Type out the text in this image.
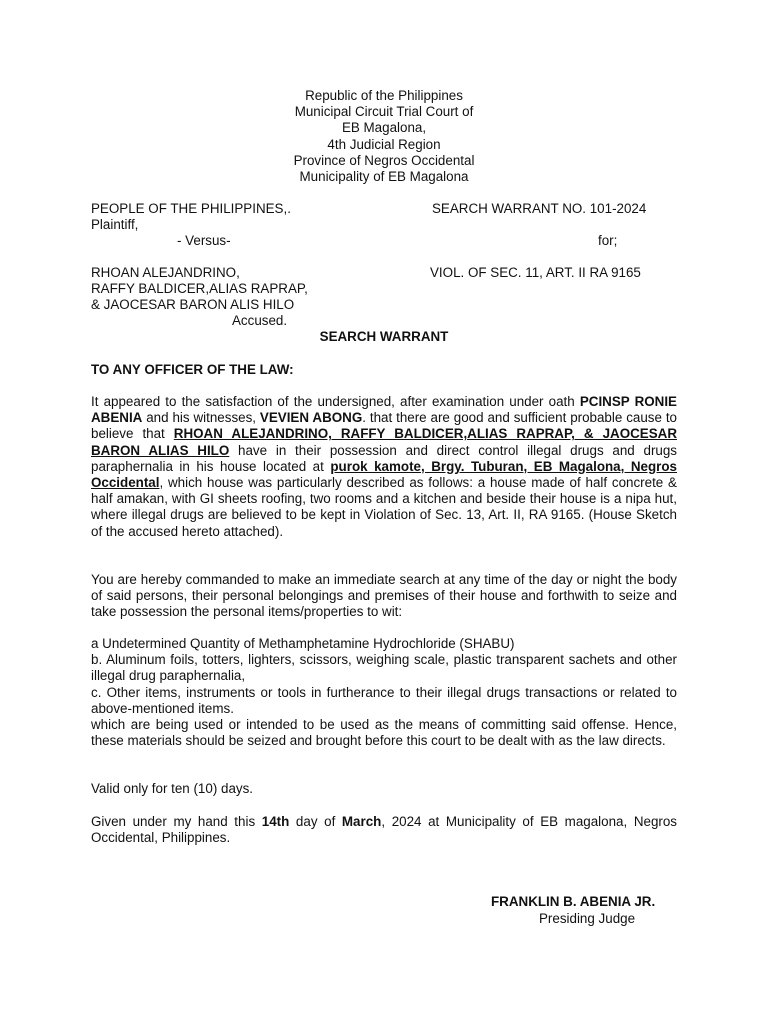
Republic of the Philippines
Municipal Circuit Trial Court of
EB Magalona,
4th Judicial Region
Province of Negros Occidental
Municipality of EB Magalona
PEOPLE OF THE PHILIPPINES,.
Plaintiff,
- Versus-
SEARCH WARRANT NO. 101-2024
for;
RHOAN ALEJANDRINO,
RAFFY BALDICER,ALIAS RAPRAP,
& JAOCESAR BARON ALIS HILO
Accused.
VIOL. OF SEC. 11, ART. II RA 9165
SEARCH WARRANT
TO ANY OFFICER OF THE LAW:
It appeared to the satisfaction of the undersigned, after examination under oath PCINSP RONIE ABENIA and his witnesses, VEVIEN ABONG. that there are good and sufficient probable cause to believe that RHOAN ALEJANDRINO, RAFFY BALDICER,ALIAS RAPRAP, & JAOCESAR BARON ALIAS HILO have in their possession and direct control illegal drugs and drugs paraphernalia in his house located at purok kamote, Brgy. Tuburan, EB Magalona, Negros Occidental, which house was particularly described as follows: a house made of half concrete & half amakan, with GI sheets roofing, two rooms and a kitchen and beside their house is a nipa hut, where illegal drugs are believed to be kept in Violation of Sec. 13, Art. II, RA 9165. (House Sketch of the accused hereto attached).
You are hereby commanded to make an immediate search at any time of the day or night the body of said persons, their personal belongings and premises of their house and forthwith to seize and take possession the personal items/properties to wit:

a Undetermined Quantity of Methamphetamine Hydrochloride (SHABU)

b. Aluminum foils, totters, lighters, scissors, weighing scale, plastic transparent sachets and other illegal drug paraphernalia,

c. Other items, instruments or tools in furtherance to their illegal drugs transactions or related to above-mentioned items.

which are being used or intended to be used as the means of committing said offense. Hence, these materials should be seized and brought before this court to be dealt with as the law directs.

Valid only for ten (10) days.
Given under my hand this 14th day of March, 2024 at Municipality of EB magalona, Negros Occidental, Philippines.
FRANKLIN B. ABENIA JR.
Presiding Judge
